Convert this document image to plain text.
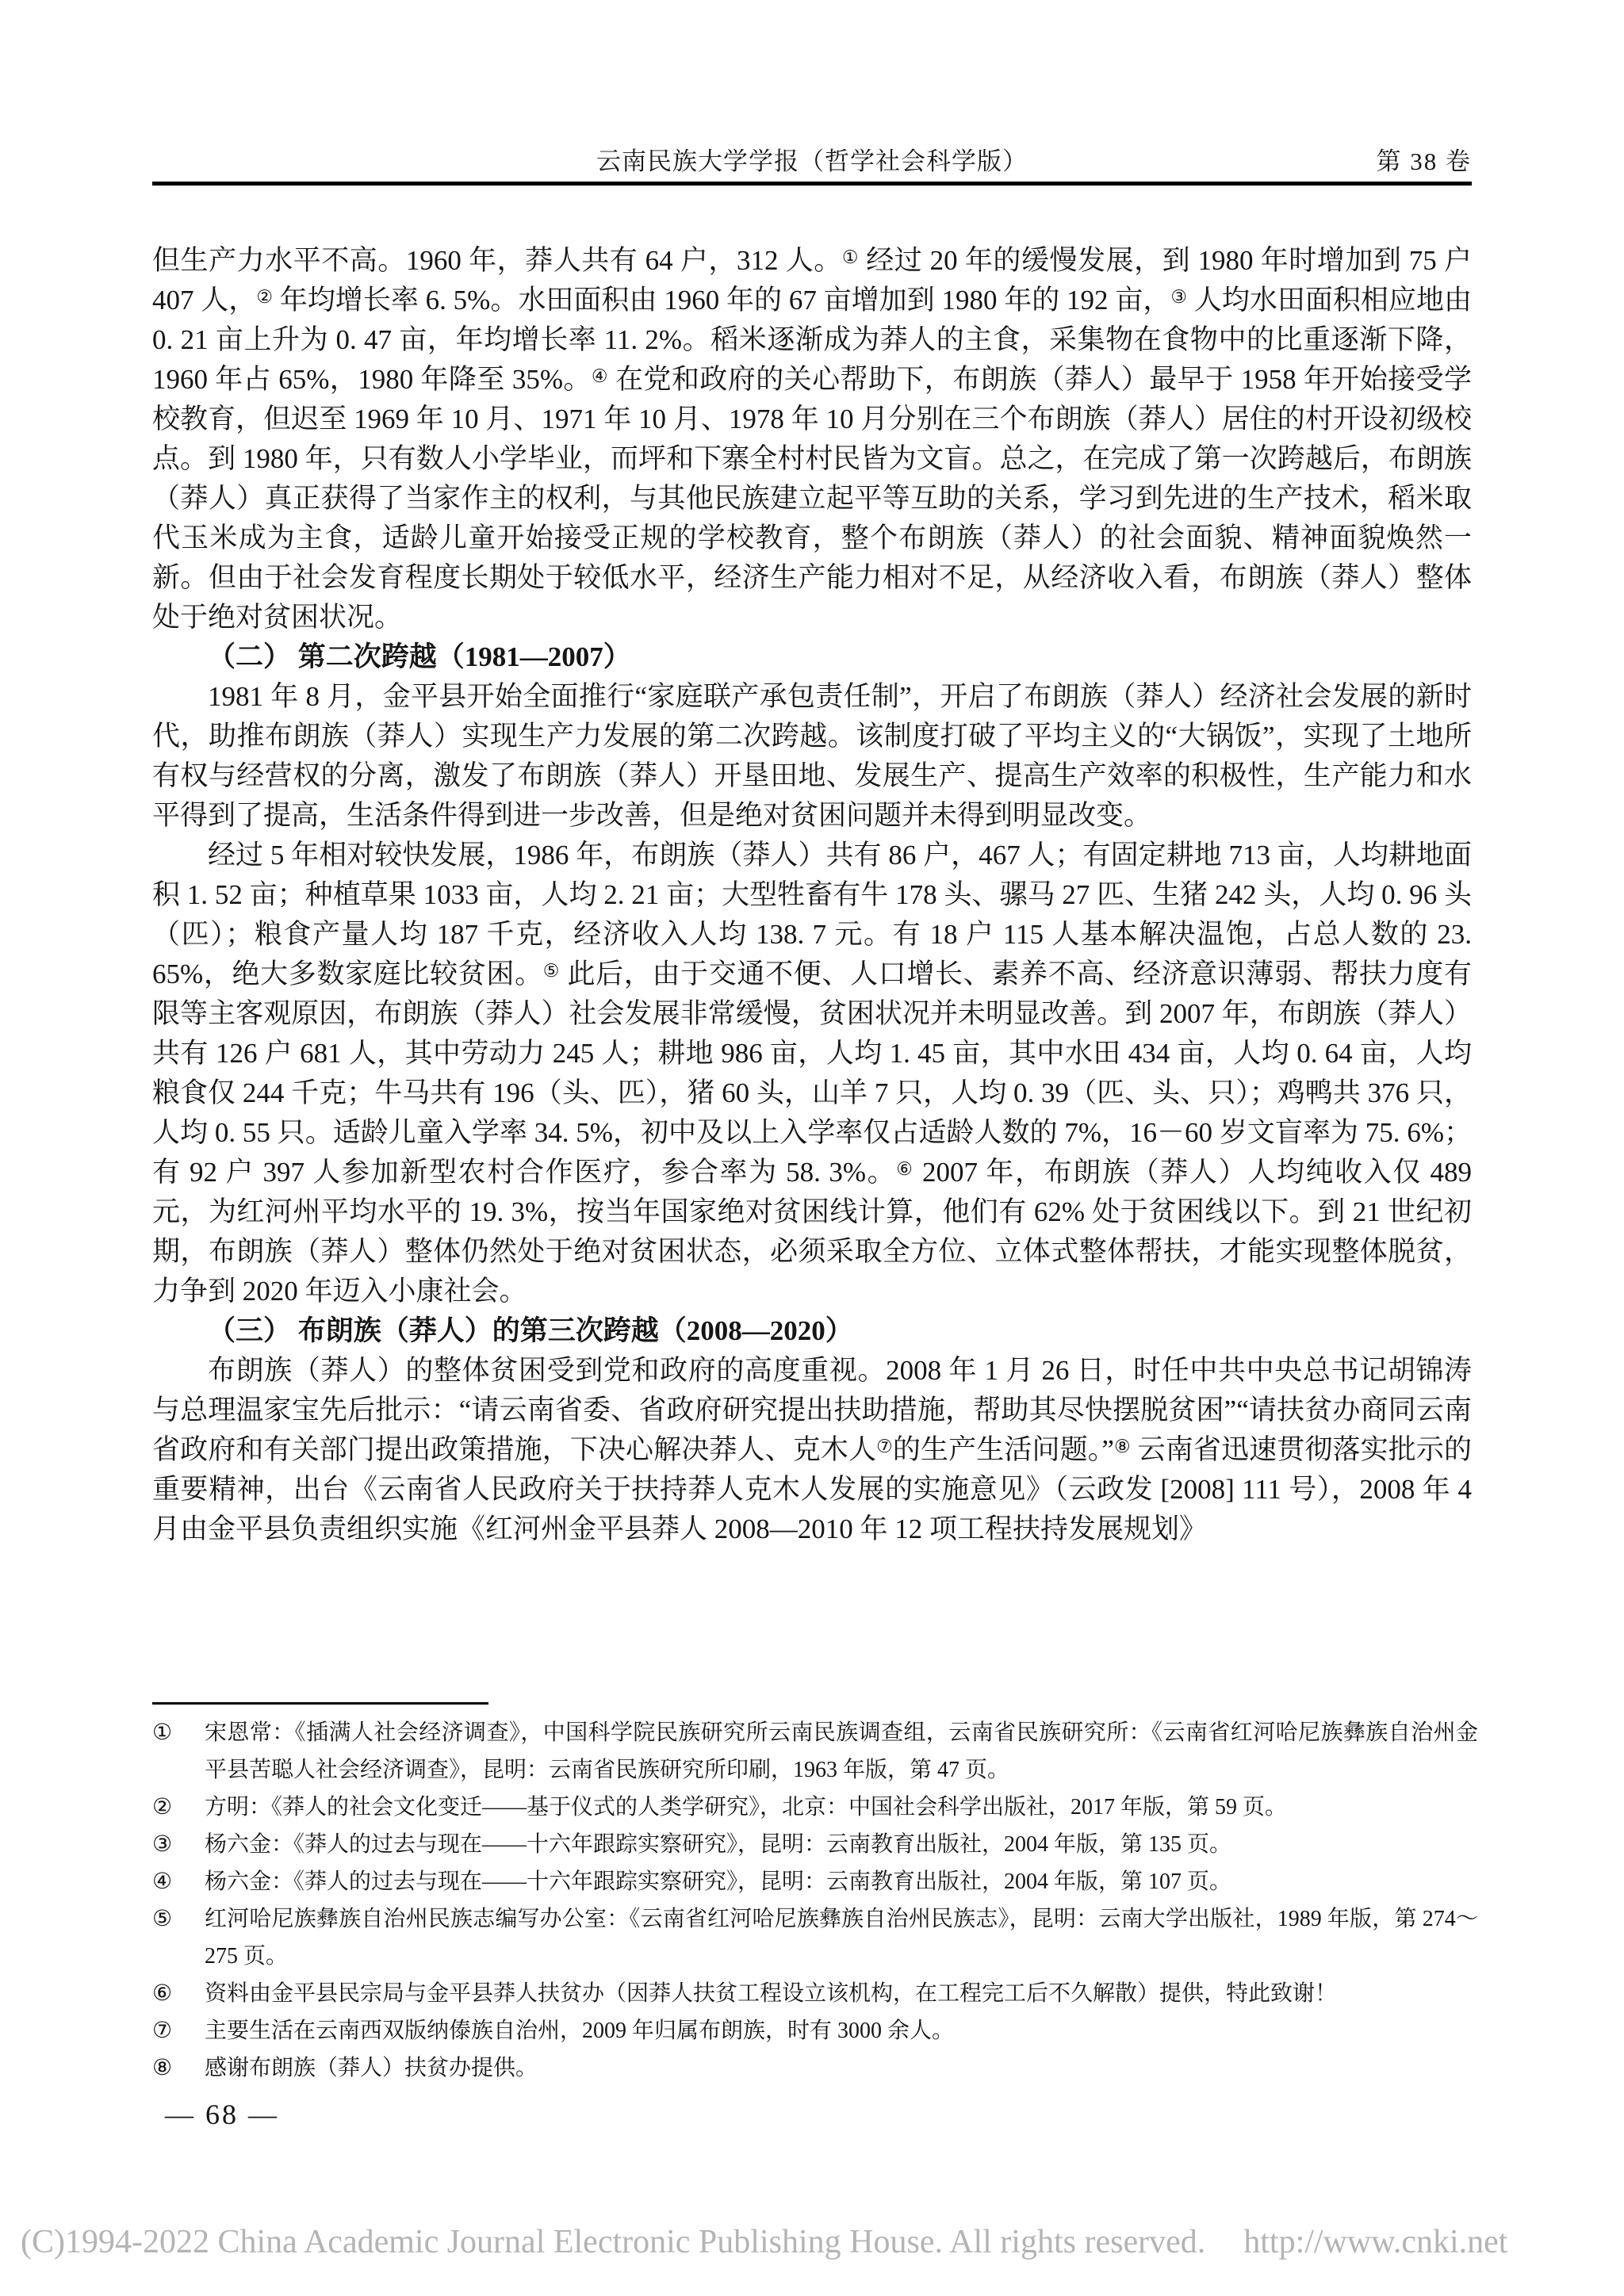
云南民族大学学报（哲学社会科学版）	第 38 卷
但生产力水平不高。1960 年，莽人共有 64 户，312 人。① 经过 20 年的缓慢发展，到 1980 年时增加到 75 户 407 人，② 年均增长率 6. 5%。水田面积由 1960 年的 67 亩增加到 1980 年的 192 亩，③ 人均水田面积相应地由 0. 21 亩上升为 0. 47 亩，年均增长率 11. 2%。稻米逐渐成为莽人的主食，采集物在食物中的比重逐渐下降，1960 年占 65%，1980 年降至 35%。④ 在党和政府的关心帮助下，布朗族（莽人）最早于 1958 年开始接受学校教育，但迟至 1969 年 10 月、1971 年 10 月、1978 年 10 月分别在三个布朗族（莽人）居住的村开设初级校点。到 1980 年，只有数人小学毕业，而坪和下寨全村村民皆为文盲。总之，在完成了第一次跨越后，布朗族（莽人）真正获得了当家作主的权利，与其他民族建立起平等互助的关系，学习到先进的生产技术，稻米取代玉米成为主食，适龄儿童开始接受正规的学校教育，整个布朗族（莽人）的社会面貌、精神面貌焕然一新。但由于社会发育程度长期处于较低水平，经济生产能力相对不足，从经济收入看，布朗族（莽人）整体处于绝对贫困状况。
（二） 第二次跨越（1981—2007）
1981 年 8 月，金平县开始全面推行“家庭联产承包责任制”，开启了布朗族（莽人）经济社会发展的新时代，助推布朗族（莽人）实现生产力发展的第二次跨越。该制度打破了平均主义的“大锅饭”，实现了土地所有权与经营权的分离，激发了布朗族（莽人）开垦田地、发展生产、提高生产效率的积极性，生产能力和水平得到了提高，生活条件得到进一步改善，但是绝对贫困问题并未得到明显改变。
经过 5 年相对较快发展，1986 年，布朗族（莽人）共有 86 户，467 人；有固定耕地 713 亩，人均耕地面积 1. 52 亩；种植草果 1033 亩，人均 2. 21 亩；大型牲畜有牛 178 头、骡马 27 匹、生猪 242 头，人均 0. 96 头（匹）；粮食产量人均 187 千克，经济收入人均 138. 7 元。有 18 户 115 人基本解决温饱，占总人数的 23. 65%，绝大多数家庭比较贫困。⑤ 此后，由于交通不便、人口增长、素养不高、经济意识薄弱、帮扶力度有限等主客观原因，布朗族（莽人）社会发展非常缓慢，贫困状况并未明显改善。到 2007 年，布朗族（莽人）共有 126 户 681 人，其中劳动力 245 人；耕地 986 亩，人均 1. 45 亩，其中水田 434 亩，人均 0. 64 亩，人均粮食仅 244 千克；牛马共有 196（头、匹），猪 60 头，山羊 7 只，人均 0. 39（匹、头、只）；鸡鸭共 376 只，人均 0. 55 只。适龄儿童入学率 34. 5%，初中及以上入学率仅占适龄人数的 7%，16－60 岁文盲率为 75. 6%；有 92 户 397 人参加新型农村合作医疗，参合率为 58. 3%。⑥ 2007 年，布朗族（莽人）人均纯收入仅 489 元，为红河州平均水平的 19. 3%，按当年国家绝对贫困线计算，他们有 62% 处于贫困线以下。到 21 世纪初期，布朗族（莽人）整体仍然处于绝对贫困状态，必须采取全方位、立体式整体帮扶，才能实现整体脱贫，力争到 2020 年迈入小康社会。
（三） 布朗族（莽人）的第三次跨越（2008—2020）
布朗族（莽人）的整体贫困受到党和政府的高度重视。2008 年 1 月 26 日，时任中共中央总书记胡锦涛与总理温家宝先后批示：“请云南省委、省政府研究提出扶助措施，帮助其尽快摆脱贫困”“请扶贫办商同云南省政府和有关部门提出政策措施，下决心解决莽人、克木人⑦的生产生活问题。”⑧ 云南省迅速贯彻落实批示的重要精神，出台《云南省人民政府关于扶持莽人克木人发展的实施意见》（云政发 [2008] 111 号），2008 年 4 月由金平县负责组织实施《红河州金平县莽人 2008—2010 年 12 项工程扶持发展规划》
①	宋恩常：《插满人社会经济调查》，中国科学院民族研究所云南民族调查组，云南省民族研究所：《云南省红河哈尼族彝族自治州金平县苦聪人社会经济调查》，昆明：云南省民族研究所印刷，1963 年版，第 47 页。
②	方明：《莽人的社会文化变迁——基于仪式的人类学研究》，北京：中国社会科学出版社，2017 年版，第 59 页。
③	杨六金：《莽人的过去与现在——十六年跟踪实察研究》，昆明：云南教育出版社，2004 年版，第 135 页。
④	杨六金：《莽人的过去与现在——十六年跟踪实察研究》，昆明：云南教育出版社，2004 年版，第 107 页。
⑤	红河哈尼族彝族自治州民族志编写办公室：《云南省红河哈尼族彝族自治州民族志》，昆明：云南大学出版社，1989 年版，第 274～275 页。
⑥	资料由金平县民宗局与金平县莽人扶贫办（因莽人扶贫工程设立该机构，在工程完工后不久解散）提供，特此致谢！
⑦	主要生活在云南西双版纳傣族自治州，2009 年归属布朗族，时有 3000 余人。
⑧	感谢布朗族（莽人）扶贫办提供。
— 68 —
(C)1994-2022 China Academic Journal Electronic Publishing House. All rights reserved. http://www.cnki.net
